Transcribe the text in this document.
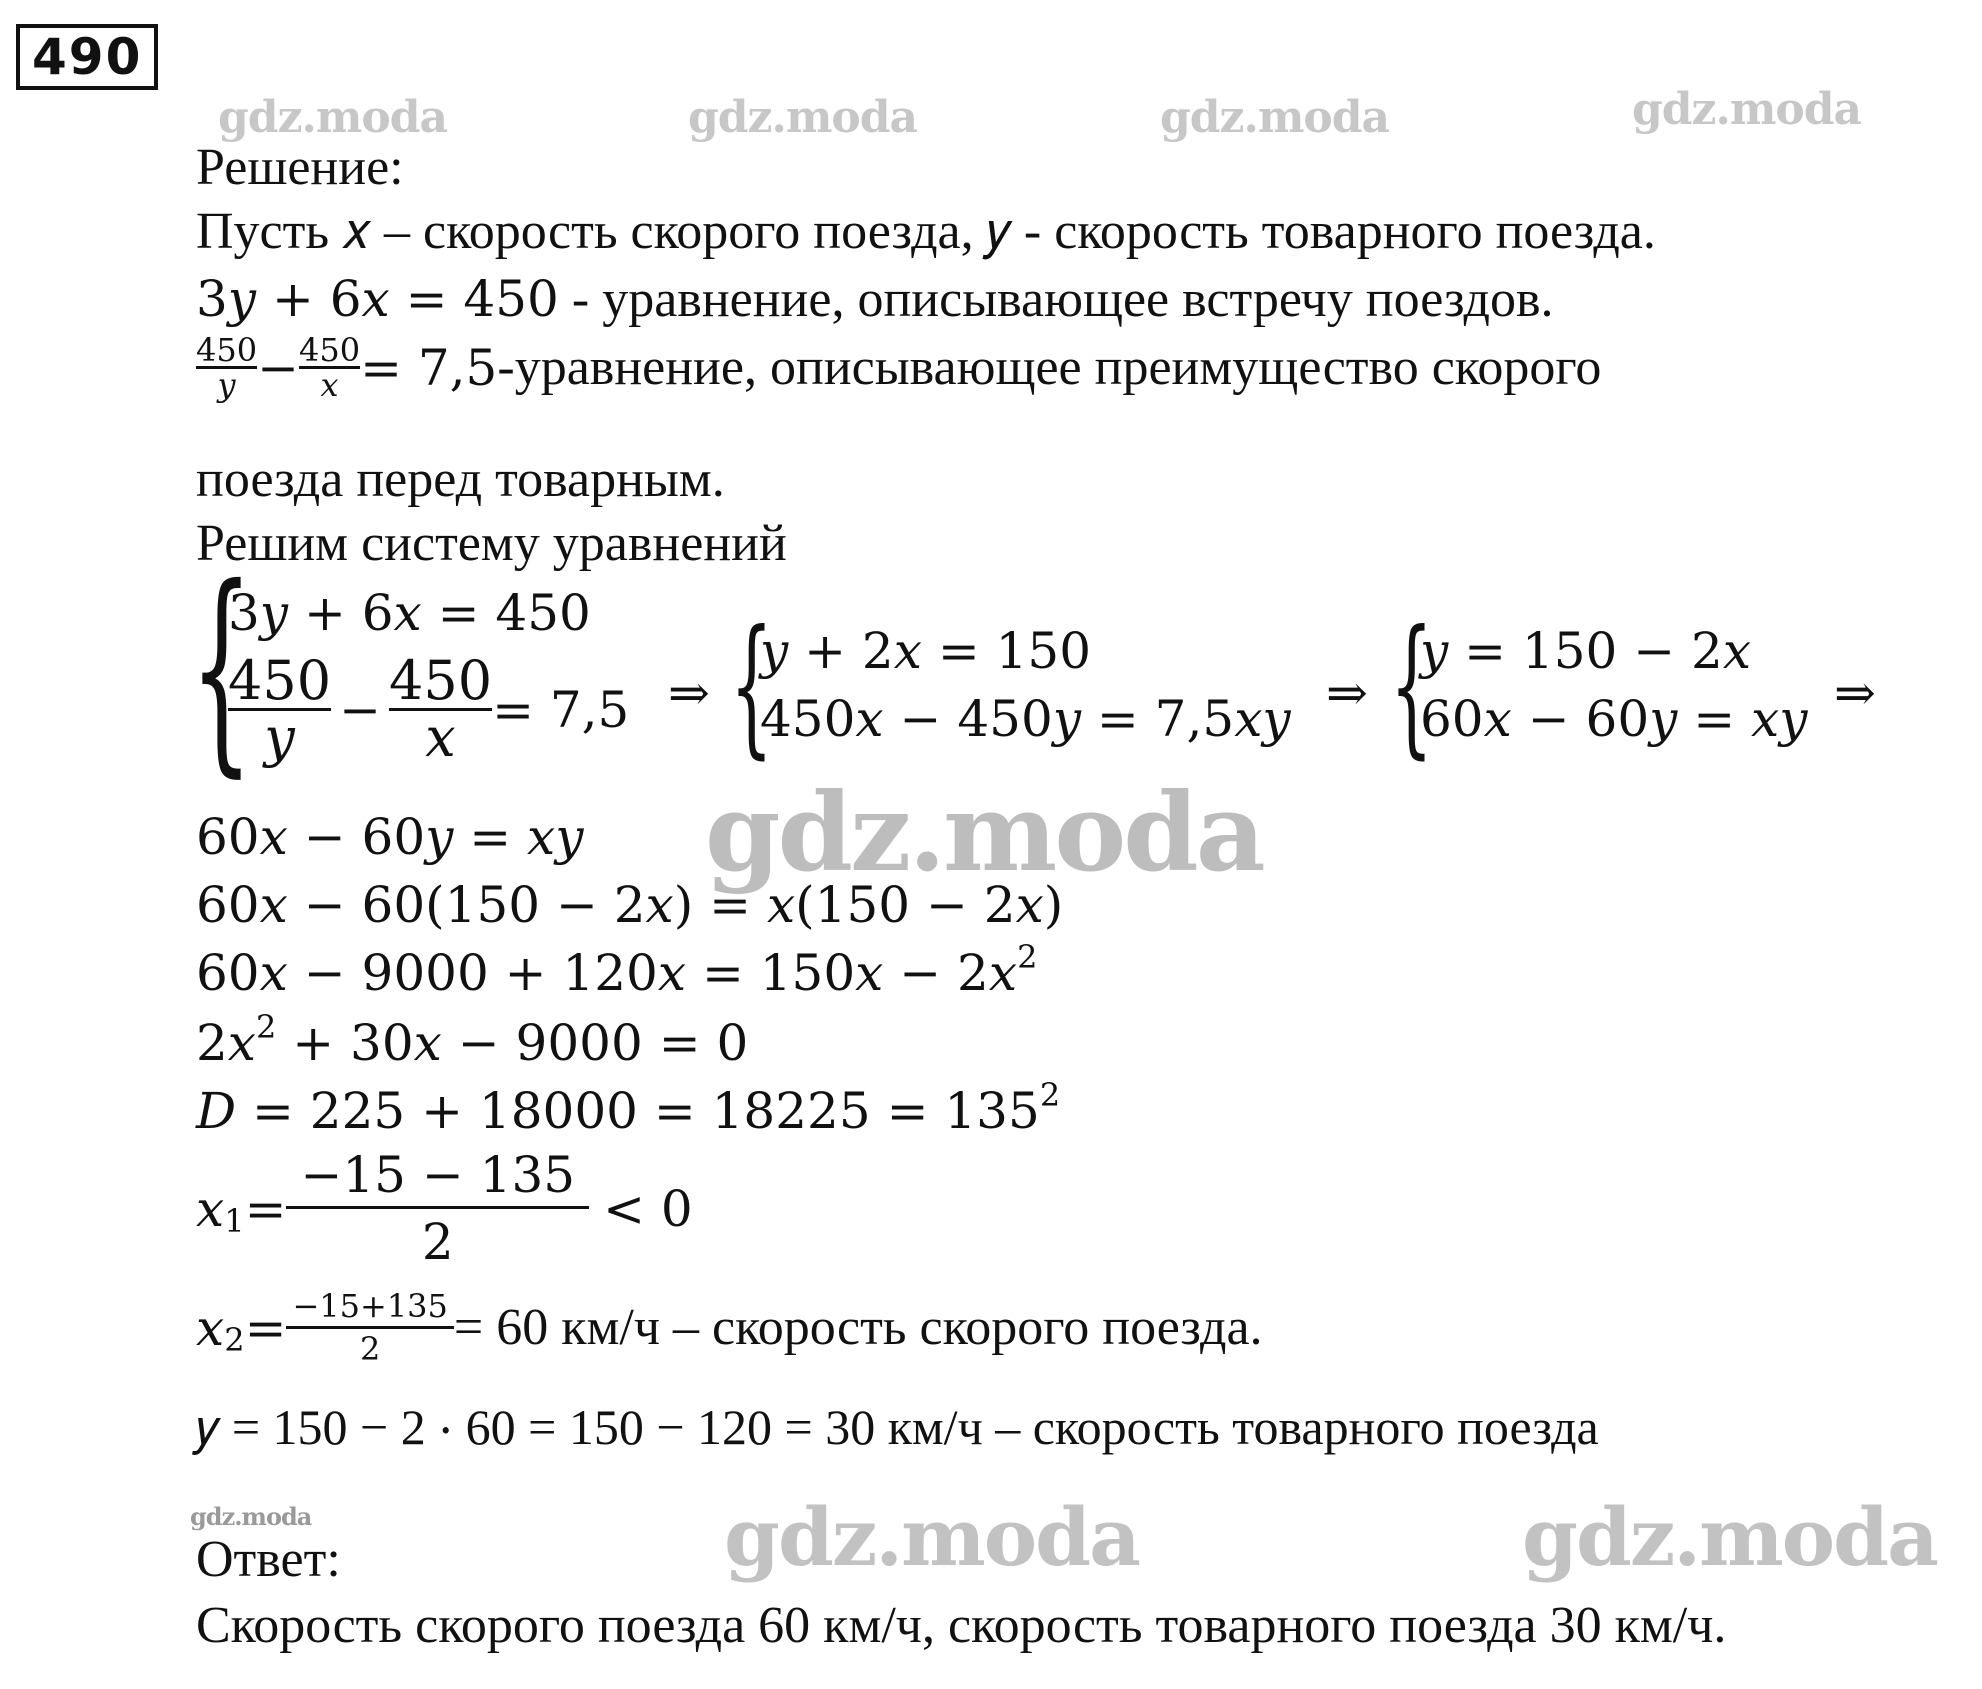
490
gdz.moda	gdz.moda	gdz.moda	gdz.moda
Решение:
Пусть 𝑥 – скорость скорого поезда, 𝑦 - скорость товарного поезда.
3𝑦 + 6𝑥 = 450 - уравнение, описывающее встречу поездов.
$\frac{450}{\text{𝑦}} - \frac{450}{\text{𝑥}} = 7,5$ -уравнение, описывающее преимущество скорого
поезда перед товарным.
Решим систему уравнений
{
3𝑦 + 6𝑥 = 450
$\frac{450}{\text{𝑦}} - \frac{450}{\text{𝑥}} = 7,5$ ⇒ {
𝑦 + 2𝑥 = 150
450𝑥 − 450𝑦 = 7,5𝑥𝑦 ⇒ {
𝑦 = 150 − 2𝑥
60𝑥 − 60𝑦 = 𝑥𝑦 ⇒
gdz.moda
60𝑥 − 60𝑦 = 𝑥𝑦
60𝑥 − 60(150 − 2𝑥) = 𝑥(150 − 2𝑥)
60𝑥 − 9000 + 120𝑥 = 150𝑥 − 2𝑥2
2𝑥2 + 30𝑥 − 9000 = 0
𝐷 = 225 + 18000 = 18225 = 1352
𝑥 $1 = \frac{-15 - 135}{2} < 0$
𝑥 $2 = \frac{-15+135}{2} = 60$ км/ч – скорость скорого поезда.
𝑦 = 150 − 2 ⋅ 60 = 150 − 120 = 30 км/ч – скорость товарного поезда
gdz.moda	gdz.moda	gdz.moda
Ответ:
Скорость скорого поезда 60 км/ч, скорость товарного поезда 30 км/ч.
